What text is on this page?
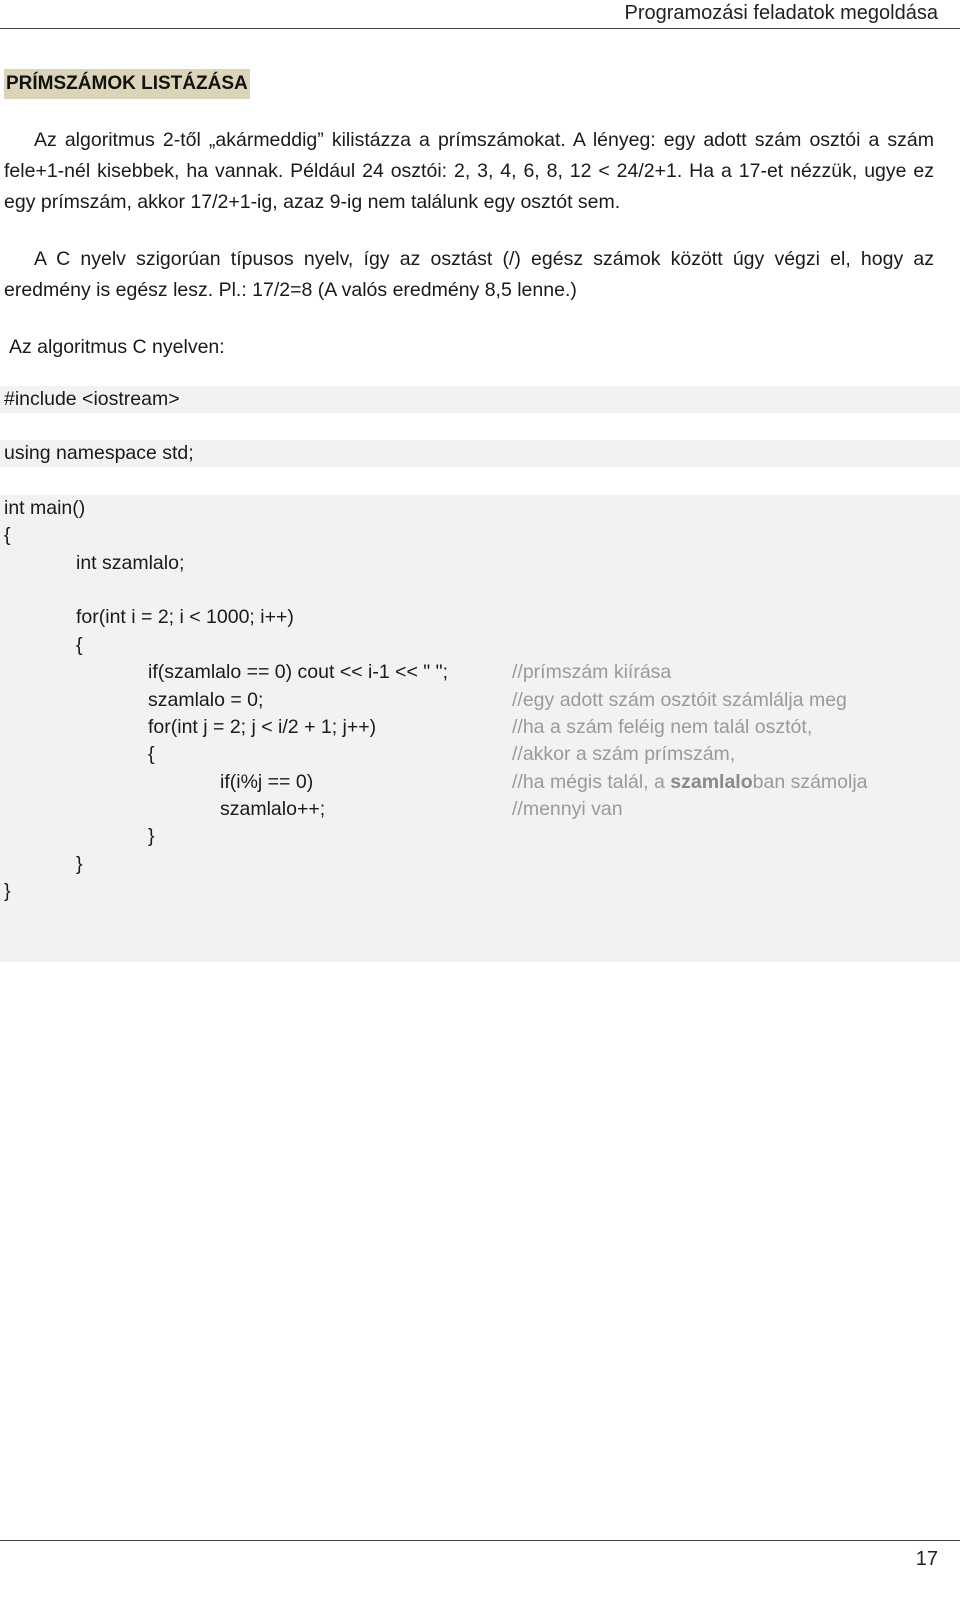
Programozási feladatok megoldása
PRÍMSZÁMOK LISTÁZÁSA

Az algoritmus 2-től „akármeddig” kilistázza a prímszámokat. A lényeg: egy adott szám osztói a szám fele+1-nél kisebbek, ha vannak. Például 24 osztói: 2, 3, 4, 6, 8, 12 < 24/2+1. Ha a 17-et nézzük, ugye ez egy prímszám, akkor 17/2+1-ig, azaz 9-ig nem találunk egy osztót sem.

A C nyelv szigorúan típusos nyelv, így az osztást (/) egész számok között úgy végzi el, hogy az eredmény is egész lesz. Pl.: 17/2=8 (A valós eredmény 8,5 lenne.)

Az algoritmus C nyelven:
#include <iostream>
using namespace std;
int main()
{
int szamlalo;
for(int i = 2; i < 1000; i++)
{
if(szamlalo == 0) cout << i-1 << " ";
szamlalo = 0;
for(int j = 2; j < i/2 + 1; j++)
{
if(i%j == 0)
szamlalo++;
}
}
}
//prímszám kiírása
//egy adott szám osztóit számlálja meg
//ha a szám feléig nem talál osztót,
//akkor a szám prímszám,
//ha mégis talál, a szamlaloban számolja
//mennyi van
17
